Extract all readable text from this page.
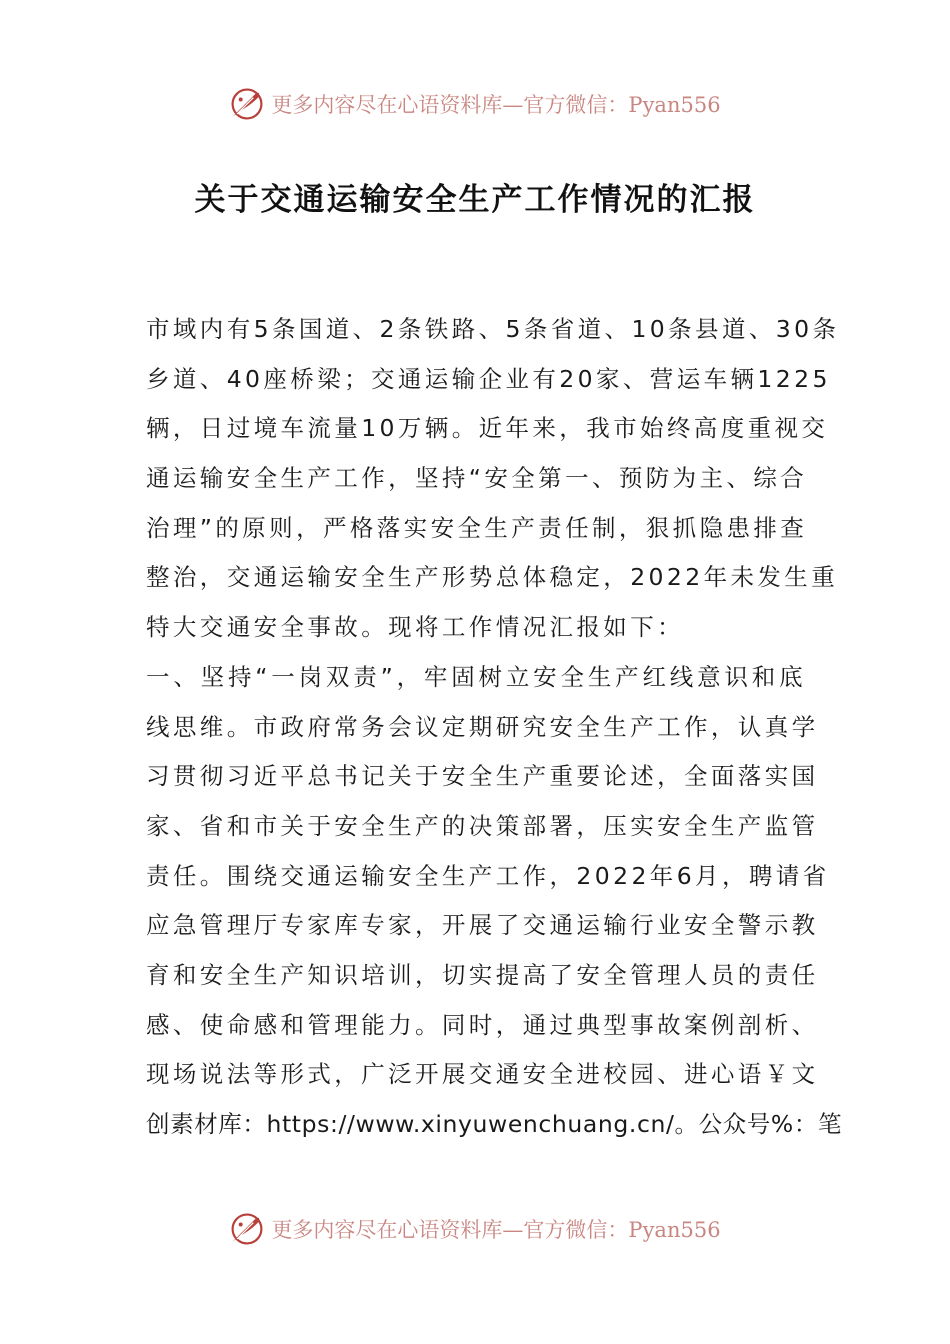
更多内容尽在心语资料库—官方微信：Pyan556
关于交通运输安全生产工作情况的汇报
市域内有5条国道、2条铁路、5条省道、10条县道、30条
乡道、40座桥梁；交通运输企业有20家、营运车辆1225
辆，日过境车流量10万辆。近年来，我市始终高度重视交
通运输安全生产工作，坚持“安全第一、预防为主、综合
治理”的原则，严格落实安全生产责任制，狠抓隐患排查
整治，交通运输安全生产形势总体稳定，2022年未发生重
特大交通安全事故。现将工作情况汇报如下：
一、坚持“一岗双责”，牢固树立安全生产红线意识和底
线思维。市政府常务会议定期研究安全生产工作，认真学
习贯彻习近平总书记关于安全生产重要论述，全面落实国
家、省和市关于安全生产的决策部署，压实安全生产监管
责任。围绕交通运输安全生产工作，2022年6月，聘请省
应急管理厅专家库专家，开展了交通运输行业安全警示教
育和安全生产知识培训，切实提高了安全管理人员的责任
感、使命感和管理能力。同时，通过典型事故案例剖析、
现场说法等形式，广泛开展交通安全进校园、进心语￥文
创素材库：https://www.xinyuwenchuang.cn/。公众号%：笔
更多内容尽在心语资料库—官方微信：Pyan556
